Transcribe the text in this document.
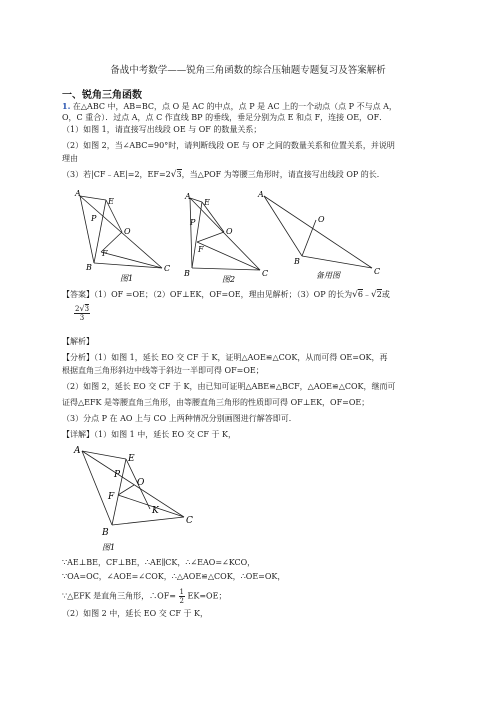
备战中考数学——锐角三角函数的综合压轴题专题复习及答案解析
一、锐角三角函数
1. 在△ABC 中，AB=BC，点 O 是 AC 的中点，点 P 是 AC 上的一个动点（点 P 不与点 A，
O，C 重合）．过点 A，点 C 作直线 BP 的垂线，垂足分别为点 E 和点 F，连接 OE，OF．
（1）如图 1，请直接写出线段 OE 与 OF 的数量关系；
（2）如图 2，当∠ABC=90°时，请判断线段 OE 与 OF 之间的数量关系和位置关系，并说明
理由
（3）若|CF﹣AE|=2，EF=2√3，当△POF 为等腰三角形时，请直接写出线段 OP 的长．
A
B	C
E
F
O
P
图1
A
B	C
E
F
O
P
图2
A
B
C
O
备用图
【答案】（1）OF =OE；（2）OF⊥EK，OF=OE，理由见解析；（3）OP 的长为√6﹣√2或
$\frac{2√3}{3}$
【解析】
【分析】（1）如图 1，延长 EO 交 CF 于 K，证明△AOE≌△COK，从而可得 OE=OK，再
根据直角三角形斜边中线等于斜边一半即可得 OF=OE；
（2）如图 2，延长 EO 交 CF 于 K，由已知可证明△ABE≌△BCF，△AOE≌△COK，继而可
证得△EFK 是等腰直角三角形，由等腰直角三角形的性质即可得 OF⊥EK，OF=OE；
（3）分点 P 在 AO 上与 CO 上两种情况分别画图进行解答即可．
【详解】（1）如图 1 中，延长 EO 交 CF 于 K，
A
B
C
E
F
O
P
K
图1
∵AE⊥BE，CF⊥BE，∴AE∥CK，∴∠EAO=∠KCO，
∵OA=OC，∠AOE=∠COK，∴△AOE≌△COK，∴OE=OK，
∵△EFK 是直角三角形，∴OF= $\frac{1}{2} EK=OE$；
（2）如图 2 中，延长 EO 交 CF 于 K，
